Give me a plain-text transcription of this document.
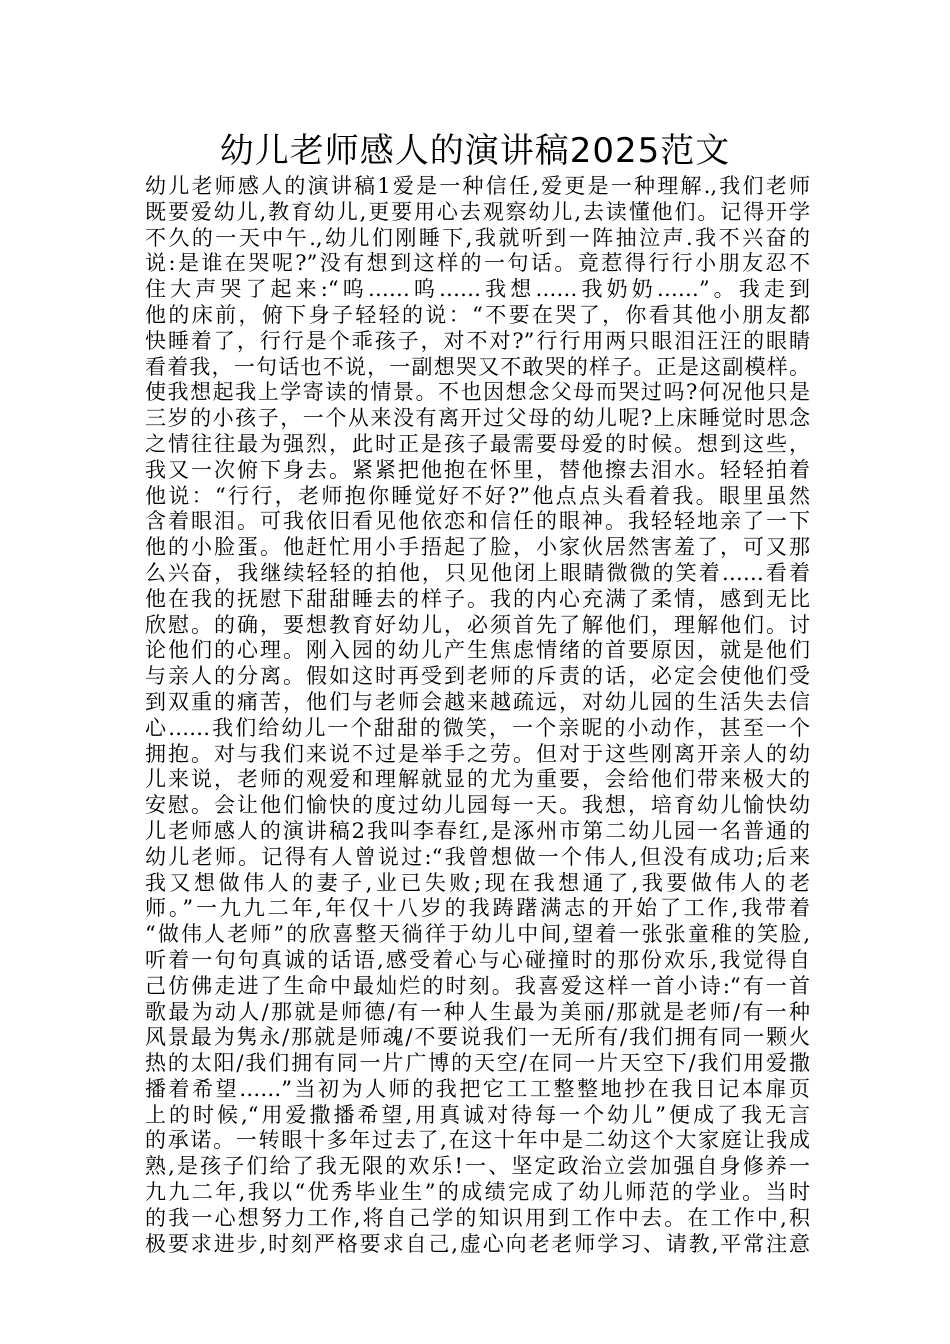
幼儿老师感人的演讲稿2025范文
幼儿老师感人的演讲稿1爱是一种信任,爱更是一种理解.,我们老师
既要爱幼儿,教育幼儿,更要用心去观察幼儿,去读懂他们。记得开学
不久的一天中午.,幼儿们刚睡下,我就听到一阵抽泣声.我不兴奋的
说:是谁在哭呢?”没有想到这样的一句话。竟惹得行行小朋友忍不
住大声哭了起来:“呜……呜……我想……我奶奶……”。我走到
他的床前，俯下身子轻轻的说：“不要在哭了，你看其他小朋友都
快睡着了，行行是个乖孩子，对不对?”行行用两只眼泪汪汪的眼睛
看着我，一句话也不说，一副想哭又不敢哭的样子。正是这副模样。
使我想起我上学寄读的情景。不也因想念父母而哭过吗?何况他只是
三岁的小孩子，一个从来没有离开过父母的幼儿呢?上床睡觉时思念
之情往往最为强烈，此时正是孩子最需要母爱的时候。想到这些，
我又一次俯下身去。紧紧把他抱在怀里，替他擦去泪水。轻轻拍着
他说：“行行，老师抱你睡觉好不好?”他点点头看着我。眼里虽然
含着眼泪。可我依旧看见他依恋和信任的眼神。我轻轻地亲了一下
他的小脸蛋。他赶忙用小手捂起了脸，小家伙居然害羞了，可又那
么兴奋，我继续轻轻的拍他，只见他闭上眼睛微微的笑着……看着
他在我的抚慰下甜甜睡去的样子。我的内心充满了柔情，感到无比
欣慰。的确，要想教育好幼儿，必须首先了解他们，理解他们。讨
论他们的心理。刚入园的幼儿产生焦虑情绪的首要原因，就是他们
与亲人的分离。假如这时再受到老师的斥责的话，必定会使他们受
到双重的痛苦，他们与老师会越来越疏远，对幼儿园的生活失去信
心……我们给幼儿一个甜甜的微笑，一个亲昵的小动作，甚至一个
拥抱。对与我们来说不过是举手之劳。但对于这些刚离开亲人的幼
儿来说，老师的观爱和理解就显的尤为重要，会给他们带来极大的
安慰。会让他们愉快的度过幼儿园每一天。我想，培育幼儿愉快幼
儿老师感人的演讲稿2我叫李春红,是涿州市第二幼儿园一名普通的
幼儿老师。记得有人曾说过:“我曾想做一个伟人,但没有成功;后来
我又想做伟人的妻子,业已失败;现在我想通了,我要做伟人的老
师。”一九九二年,年仅十八岁的我踌躇满志的开始了工作,我带着
“做伟人老师”的欣喜整天徜徉于幼儿中间,望着一张张童稚的笑脸,
听着一句句真诚的话语,感受着心与心碰撞时的那份欢乐,我觉得自
己仿佛走进了生命中最灿烂的时刻。我喜爱这样一首小诗:“有一首
歌最为动人/那就是师德/有一种人生最为美丽/那就是老师/有一种
风景最为隽永/那就是师魂/不要说我们一无所有/我们拥有同一颗火
热的太阳/我们拥有同一片广博的天空/在同一片天空下/我们用爱撒
播着希望……”当初为人师的我把它工工整整地抄在我日记本扉页
上的时候,“用爱撒播希望,用真诚对待每一个幼儿”便成了我无言
的承诺。一转眼十多年过去了,在这十年中是二幼这个大家庭让我成
熟,是孩子们给了我无限的欢乐!一、坚定政治立尝加强自身修养一
九九二年,我以“优秀毕业生”的成绩完成了幼儿师范的学业。当时
的我一心想努力工作,将自己学的知识用到工作中去。在工作中,积
极要求进步,时刻严格要求自己,虚心向老老师学习、请教,平常注意
